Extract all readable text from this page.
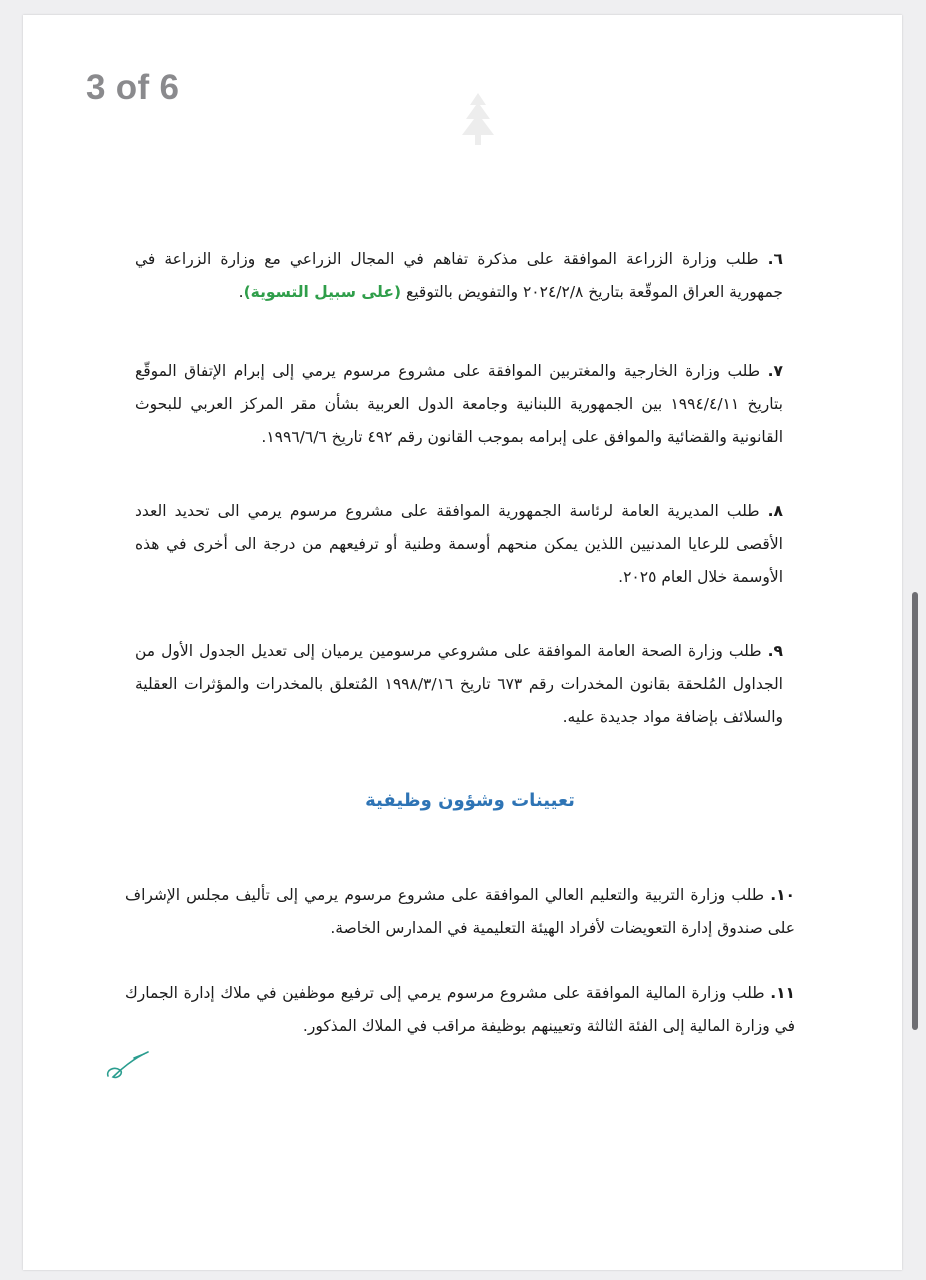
٦. طلب وزارة الزراعة الموافقة على مذكرة تفاهم في المجال الزراعي مع وزارة الزراعة في جمهورية العراق الموقّعة بتاريخ ٢٠٢٤/٢/٨ والتفويض بالتوقيع (على سبيل التسوية).
٧. طلب وزارة الخارجية والمغتربين الموافقة على مشروع مرسوم يرمي إلى إبرام الإتفاق الموقّع بتاريخ ١٩٩٤/٤/١١ بين الجمهورية اللبنانية وجامعة الدول العربية بشأن مقر المركز العربي للبحوث القانونية والقضائية والموافق على إبرامه بموجب القانون رقم ٤٩٢ تاريخ ١٩٩٦/٦/٦.
٨. طلب المديرية العامة لرئاسة الجمهورية الموافقة على مشروع مرسوم يرمي الى تحديد العدد الأقصى للرعايا المدنيين اللذين يمكن منحهم أوسمة وطنية أو ترفيعهم من درجة الى أخرى في هذه الأوسمة خلال العام ٢٠٢٥.
٩. طلب وزارة الصحة العامة الموافقة على مشروعي مرسومين يرميان إلى تعديل الجدول الأول من الجداول المُلحقة بقانون المخدرات رقم ٦٧٣ تاريخ ١٩٩٨/٣/١٦ المُتعلق بالمخدرات والمؤثرات العقلية والسلائف بإضافة مواد جديدة عليه.
١٠. طلب وزارة التربية والتعليم العالي الموافقة على مشروع مرسوم يرمي إلى تأليف مجلس الإشراف على صندوق إدارة التعويضات لأفراد الهيئة التعليمية في المدارس الخاصة.
١١. طلب وزارة المالية الموافقة على مشروع مرسوم يرمي إلى ترفيع موظفين في ملاك إدارة الجمارك في وزارة المالية إلى الفئة الثالثة وتعيينهم بوظيفة مراقب في الملاك المذكور.
3 of 6
تعيينات وشؤون وظيفية
